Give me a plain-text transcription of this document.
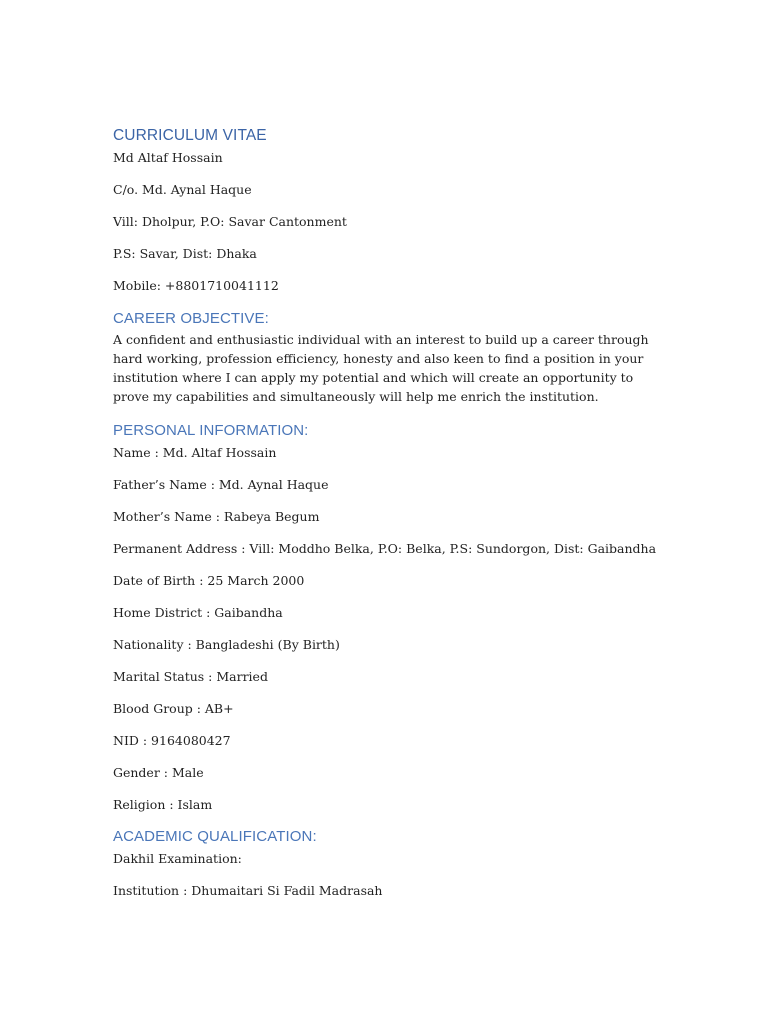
CURRICULUM VITAE

Md Altaf Hossain

C/o. Md. Aynal Haque

Vill: Dholpur, P.O: Savar Cantonment

P.S: Savar, Dist: Dhaka

Mobile: +8801710041112

CAREER OBJECTIVE:

A confident and enthusiastic individual with an interest to build up a career through hard working, profession efficiency, honesty and also keen to find a position in your institution where I can apply my potential and which will create an opportunity to prove my capabilities and simultaneously will help me enrich the institution.

PERSONAL INFORMATION:

Name : Md. Altaf Hossain

Father’s Name : Md. Aynal Haque

Mother’s Name : Rabeya Begum

Permanent Address : Vill: Moddho Belka, P.O: Belka, P.S: Sundorgon, Dist: Gaibandha

Date of Birth : 25 March 2000

Home District : Gaibandha

Nationality : Bangladeshi (By Birth)

Marital Status : Married

Blood Group : AB+

NID : 9164080427

Gender : Male

Religion : Islam

ACADEMIC QUALIFICATION:

Dakhil Examination:

Institution : Dhumaitari Si Fadil Madrasah
